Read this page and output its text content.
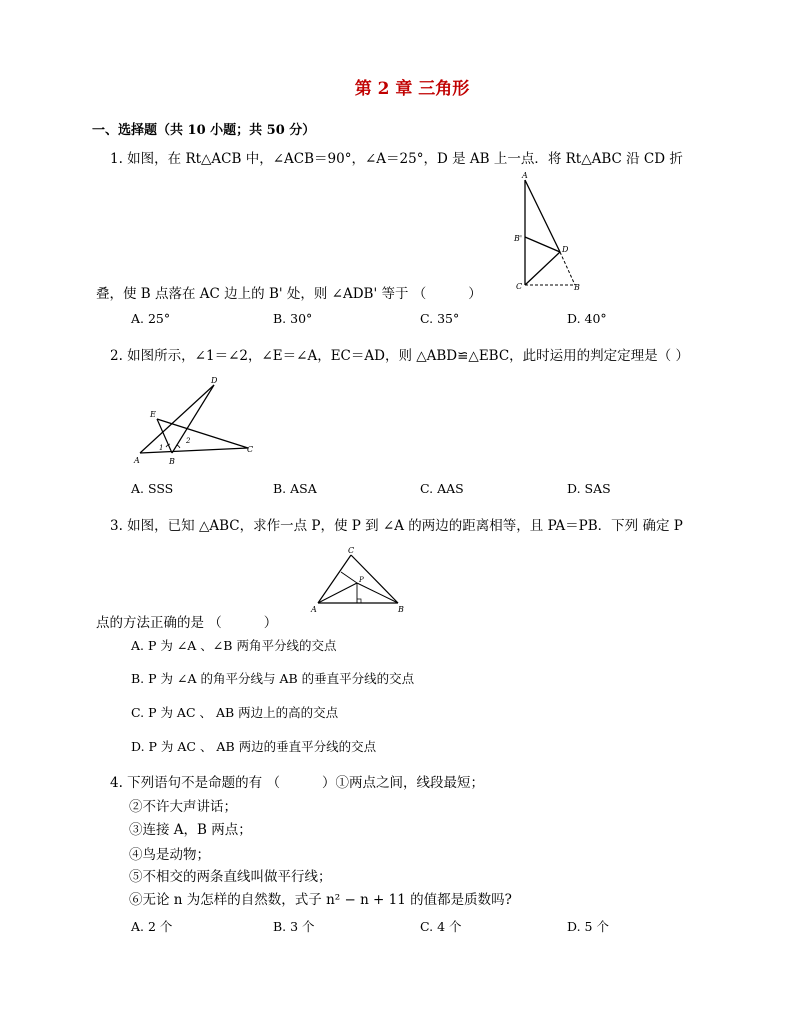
第 2 章 三角形
一、选择题（共 10 小题；共 50 分）
1. 如图，在 Rt△ACB 中，∠ACB＝90°，∠A＝25°，D 是 AB 上一点．将 Rt△ABC 沿 CD 折
A
B'
D
C	B
叠，使 B 点落在 AC 边上的 B' 处，则 ∠ADB' 等于 （	）
A. 25°	B. 30°	C. 35°	D. 40°
2. 如图所示，∠1＝∠2，∠E＝∠A，EC＝AD，则 △ABD≌△EBC，此时运用的判定定理是（ ）
D
E
1
2
A	B
C
A. SSS	B. ASA	C. AAS	D. SAS
3. 如图，已知 △ABC，求作一点 P，使 P 到 ∠A 的两边的距离相等，且 PA＝PB．下列 确定 P
C
P
A	B
点的方法正确的是 （	）
A. P 为 ∠A 、∠B 两角平分线的交点
B. P 为 ∠A 的角平分线与 AB 的垂直平分线的交点
C. P 为 AC 、 AB 两边上的高的交点
D. P 为 AC 、 AB 两边的垂直平分线的交点
4. 下列语句不是命题的有 （	）①两点之间，线段最短；
②不许大声讲话；
③连接 A，B 两点；
④鸟是动物；
⑤不相交的两条直线叫做平行线；
⑥无论 n 为怎样的自然数，式子 n² − n + 11 的值都是质数吗?
A. 2 个	B. 3 个	C. 4 个	D. 5 个
